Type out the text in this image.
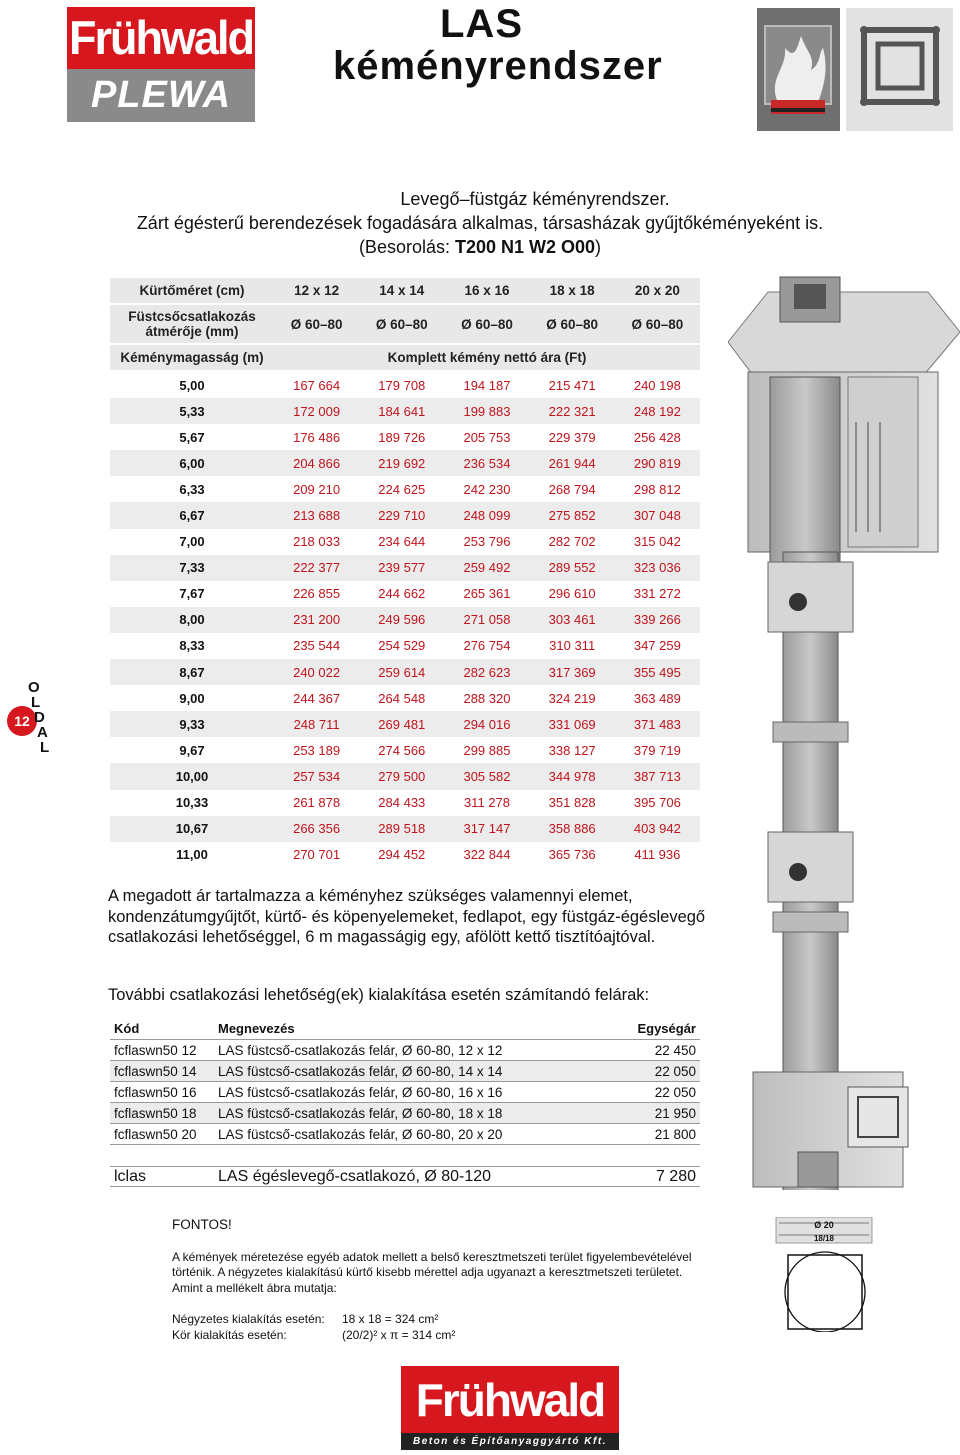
Frühwald
PLEWA
LAS
kéményrendszer
Levegő–füstgáz kéményrendszer.
Zárt égésterű berendezések fogadására alkalmas, társasházak gyűjtőkéményeként is.
(Besorolás: T200 N1 W2 O00)
Kürtőméret (cm)	12 x 12	14 x 14	16 x 16	18 x 18	20 x 20
Füstcsőcsatlakozás
átmérője (mm)	Ø 60–80	Ø 60–80	Ø 60–80	Ø 60–80	Ø 60–80
Kéménymagasság (m)	Komplett kémény nettó ára (Ft)
5,00	167 664	179 708	194 187	215 471	240 198
5,33	172 009	184 641	199 883	222 321	248 192
5,67	176 486	189 726	205 753	229 379	256 428
6,00	204 866	219 692	236 534	261 944	290 819
6,33	209 210	224 625	242 230	268 794	298 812
6,67	213 688	229 710	248 099	275 852	307 048
7,00	218 033	234 644	253 796	282 702	315 042
7,33	222 377	239 577	259 492	289 552	323 036
7,67	226 855	244 662	265 361	296 610	331 272
8,00	231 200	249 596	271 058	303 461	339 266
8,33	235 544	254 529	276 754	310 311	347 259
8,67	240 022	259 614	282 623	317 369	355 495
9,00	244 367	264 548	288 320	324 219	363 489
9,33	248 711	269 481	294 016	331 069	371 483
9,67	253 189	274 566	299 885	338 127	379 719
10,00	257 534	279 500	305 582	344 978	387 713
10,33	261 878	284 433	311 278	351 828	395 706
10,67	266 356	289 518	317 147	358 886	403 942
11,00	270 701	294 452	322 844	365 736	411 936
12
O L D A L
A megadott ár tartalmazza a kéményhez szükséges valamennyi elemet, kondenzátumgyűjtőt, kürtő- és köpenyelemeket, fedlapot, egy füstgáz-égéslevegő csatlakozási lehetőséggel, 6 m magasságig egy, afölött kettő tisztítóajtóval.
További csatlakozási lehetőség(ek) kialakítása esetén számítandó felárak:
Kód	Megnevezés	Egységár
fcflaswn50 12	LAS füstcső-csatlakozás felár, Ø 60-80, 12 x 12	22 450
fcflaswn50 14	LAS füstcső-csatlakozás felár, Ø 60-80, 14 x 14	22 050
fcflaswn50 16	LAS füstcső-csatlakozás felár, Ø 60-80, 16 x 16	22 050
fcflaswn50 18	LAS füstcső-csatlakozás felár, Ø 60-80, 18 x 18	21 950
fcflaswn50 20	LAS füstcső-csatlakozás felár, Ø 60-80, 20 x 20	21 800
lclas	LAS égéslevegő-csatlakozó, Ø 80-120	7 280
FONTOS!
A kémények méretezése egyéb adatok mellett a belső keresztmetszeti terület figyelembevételével
történik. A négyzetes kialakítású kürtő kisebb mérettel adja ugyanazt a keresztmetszeti területet.
Amint a mellékelt ábra mutatja:
Négyzetes kialakítás esetén: 18 x 18 = 324 cm²
Kör kialakítás esetén:	(20/2)² x π = 314 cm²
Ø 20
18/18
Frühwald
Beton és Építőanyaggyártó Kft.
